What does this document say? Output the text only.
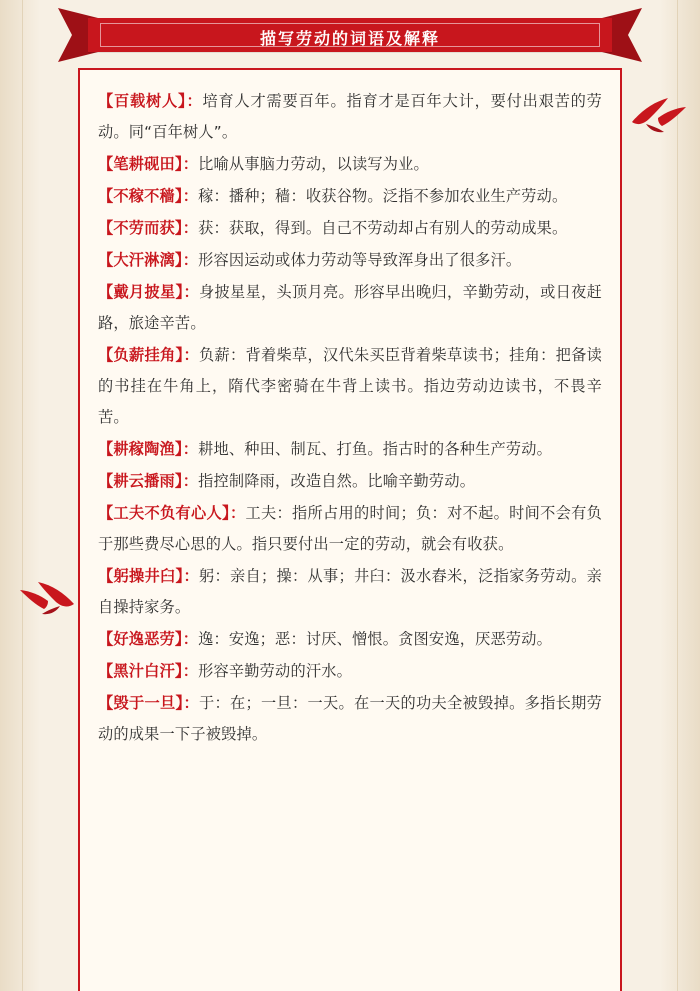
描写劳动的词语及解释

【百载树人】：培育人才需要百年。指育才是百年大计，要付出艰苦的劳动。同“百年树人”。

【笔耕砚田】：比喻从事脑力劳动，以读写为业。

【不稼不穑】：稼：播种；穑：收获谷物。泛指不参加农业生产劳动。

【不劳而获】：获：获取，得到。自己不劳动却占有别人的劳动成果。

【大汗淋漓】：形容因运动或体力劳动等导致浑身出了很多汗。

【戴月披星】：身披星星，头顶月亮。形容早出晚归，辛勤劳动，或日夜赶路，旅途辛苦。

【负薪挂角】：负薪：背着柴草，汉代朱买臣背着柴草读书；挂角：把备读的书挂在牛角上，隋代李密骑在牛背上读书。指边劳动边读书，不畏辛苦。

【耕稼陶渔】：耕地、种田、制瓦、打鱼。指古时的各种生产劳动。

【耕云播雨】：指控制降雨，改造自然。比喻辛勤劳动。

【工夫不负有心人】：工夫：指所占用的时间；负：对不起。时间不会有负于那些费尽心思的人。指只要付出一定的劳动，就会有收获。

【躬操井臼】：躬：亲自；操：从事；井臼：汲水舂米，泛指家务劳动。亲自操持家务。

【好逸恶劳】：逸：安逸；恶：讨厌、憎恨。贪图安逸，厌恶劳动。

【黑汁白汗】：形容辛勤劳动的汗水。

【毁于一旦】：于：在；一旦：一天。在一天的功夫全被毁掉。多指长期劳动的成果一下子被毁掉。
